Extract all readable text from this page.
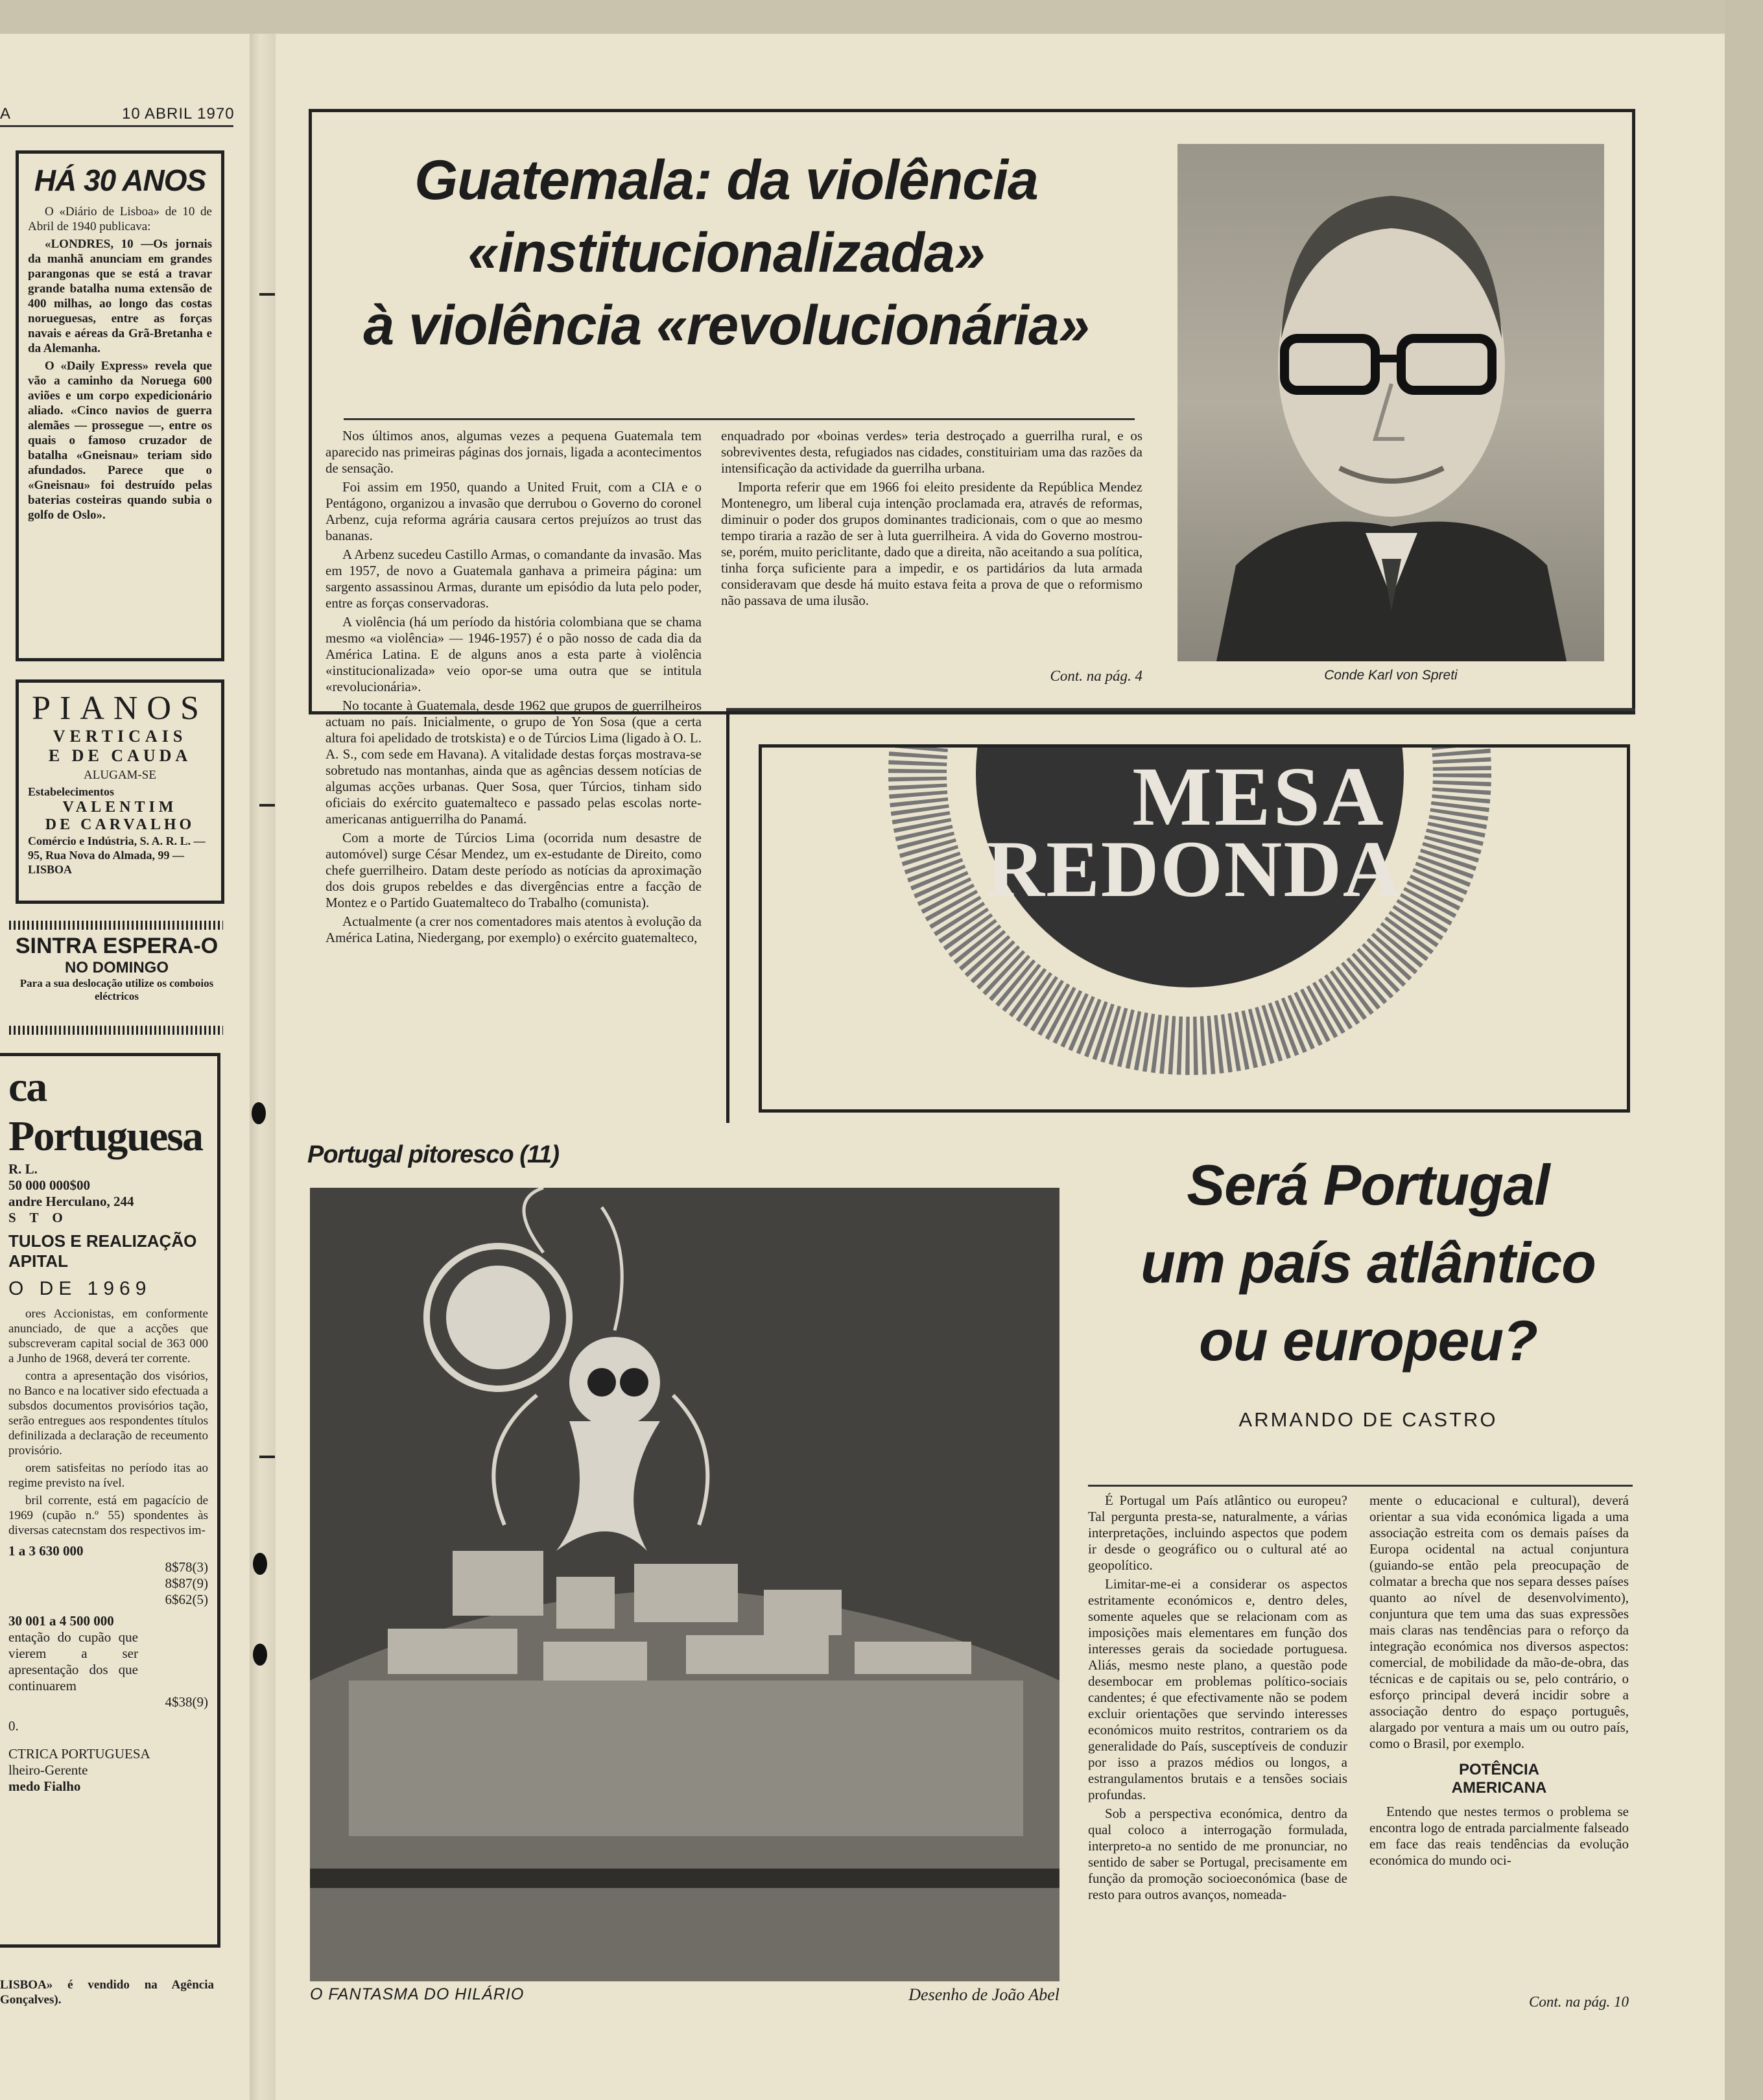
A	10 ABRIL 1970
HÁ 30 ANOS

O «Diário de Lisboa» de 10 de Abril de 1940 publicava:

«LONDRES, 10 —Os jornais da manhã anunciam em grandes parangonas que se está a travar grande batalha numa extensão de 400 milhas, ao longo das costas norueguesas, entre as forças navais e aéreas da Grã-Bretanha e da Alemanha.

O «Daily Express» revela que vão a caminho da Noruega 600 aviões e um corpo expedicionário aliado. «Cinco navios de guerra alemães — prossegue —, entre os quais o famoso cruzador de batalha «Gneisnau» teriam sido afundados. Parece que o «Gneisnau» foi destruído pelas baterias costeiras quando subia o golfo de Oslo».

PIANOS
VERTICAIS
E DE CAUDA
ALUGAM-SE
Estabelecimentos
VALENTIM
DE CARVALHO
Comércio e Indústria, S. A. R. L. — 95, Rua Nova do Almada, 99 — LISBOA
SINTRA ESPERA-O
NO DOMINGO
Para a sua deslocação utilize os comboios eléctricos
ca Portuguesa
R. L.
50 000 000$00
andre Herculano, 244
S T O
TULOS E REALIZAÇÃO
APITAL
O DE 1969

ores Accionistas, em conformente anunciado, de que a acções que subscreveram capital social de 363 000 a Junho de 1968, deverá ter corrente.

contra a apresentação dos visórios, no Banco e na locativer sido efectuada a subsdos documentos provisórios tação, serão entregues aos respondentes títulos definilizada a declaração de receumento provisório.

orem satisfeitas no período itas ao regime previsto na ível.

bril corrente, está em pagacício de 1969 (cupão n.º 55) spondentes às diversas catecnstam dos respectivos im-

1 a 3 630 000
8$78(3)
8$87(9)
6$62(5)
30 001 a 4 500 000
entação do cupão que vierem a ser apresentação dos que continuarem
4$38(9)
0.
CTRICA PORTUGUESA
lheiro-Gerente
medo Fialho
LISBOA» é vendido na Agência Gonçalves).
Guatemala: da violência
«institucionalizada»
à violência «revolucionária»

Nos últimos anos, algumas vezes a pequena Guatemala tem aparecido nas primeiras páginas dos jornais, ligada a acontecimentos de sensação.

Foi assim em 1950, quando a United Fruit, com a CIA e o Pentágono, organizou a invasão que derrubou o Governo do coronel Arbenz, cuja reforma agrária causara certos prejuízos ao trust das bananas.

A Arbenz sucedeu Castillo Armas, o comandante da invasão. Mas em 1957, de novo a Guatemala ganhava a primeira página: um sargento assassinou Armas, durante um episódio da luta pelo poder, entre as forças conservadoras.

A violência (há um período da história colombiana que se chama mesmo «a violência» — 1946-1957) é o pão nosso de cada dia da América Latina. E de alguns anos a esta parte à violência «institucionalizada» veio opor-se uma outra que se intitula «revolucionária».

No tocante à Guatemala, desde 1962 que grupos de guerrilheiros actuam no país. Inicialmente, o grupo de Yon Sosa (que a certa altura foi apelidado de trotskista) e o de Túrcios Lima (ligado à O. L. A. S., com sede em Havana). A vitalidade destas forças mostrava-se sobretudo nas montanhas, ainda que as agências dessem notícias de algumas acções urbanas. Quer Sosa, quer Túrcios, tinham sido oficiais do exército guatemalteco e passado pelas escolas norte-americanas antiguerrilha do Panamá.

Com a morte de Túrcios Lima (ocorrida num desastre de automóvel) surge César Mendez, um ex-estudante de Direito, como chefe guerrilheiro. Datam deste período as notícias da aproximação dos dois grupos rebeldes e das divergências entre a facção de Montez e o Partido Guatemalteco do Trabalho (comunista).

Actualmente (a crer nos comentadores mais atentos à evolução da América Latina, Niedergang, por exemplo) o exército guatemalteco,

enquadrado por «boinas verdes» teria destroçado a guerrilha rural, e os sobreviventes desta, refugiados nas cidades, constituiriam uma das razões da intensificação da actividade da guerrilha urbana.

Importa referir que em 1966 foi eleito presidente da República Mendez Montenegro, um liberal cuja intenção proclamada era, através de reformas, diminuir o poder dos grupos dominantes tradicionais, com o que ao mesmo tempo tiraria a razão de ser à luta guerrilheira. A vida do Governo mostrou-se, porém, muito periclitante, dado que a direita, não aceitando a sua política, tinha força suficiente para a impedir, e os partidários da luta armada consideravam que desde há muito estava feita a prova de que o reformismo não passava de uma ilusão.

Cont. na pág. 4	Conde Karl von Spreti
MESA
REDONDA
Portugal pitoresco (11)
O FANTASMA DO HILÁRIO	Desenho de João Abel
Será Portugal
um país atlântico
ou europeu?
ARMANDO DE CASTRO

É Portugal um País atlântico ou europeu? Tal pergunta presta-se, naturalmente, a várias interpretações, incluindo aspectos que podem ir desde o geográfico ou o cultural até ao geopolítico.

Limitar-me-ei a considerar os aspectos estritamente económicos e, dentro deles, somente aqueles que se relacionam com as imposições mais elementares em função dos interesses gerais da sociedade portuguesa. Aliás, mesmo neste plano, a questão pode desembocar em problemas político-sociais candentes; é que efectivamente não se podem excluir orientações que servindo interesses económicos muito restritos, contrariem os da generalidade do País, susceptíveis de conduzir por isso a prazos médios ou longos, a estrangulamentos brutais e a tensões sociais profundas.

Sob a perspectiva económica, dentro da qual coloco a interrogação formulada, interpreto-a no sentido de me pronunciar, no sentido de saber se Portugal, precisamente em função da promoção socioeconómica (base de resto para outros avanços, nomeada-

mente o educacional e cultural), deverá orientar a sua vida económica ligada a uma associação estreita com os demais países da Europa ocidental na actual conjuntura (guiando-se então pela preocupação de colmatar a brecha que nos separa desses países quanto ao nível de desenvolvimento), conjuntura que tem uma das suas expressões mais claras nas tendências para o reforço da integração económica nos diversos aspectos: comercial, de mobilidade da mão-de-obra, das técnicas e de capitais ou se, pelo contrário, o esforço principal deverá incidir sobre a associação dentro do espaço português, alargado por ventura a mais um ou outro país, como o Brasil, por exemplo.

POTÊNCIA
AMERICANA

Entendo que nestes termos o problema se encontra logo de entrada parcialmente falseado em face das reais tendências da evolução económica do mundo oci-

Cont. na pág. 10
